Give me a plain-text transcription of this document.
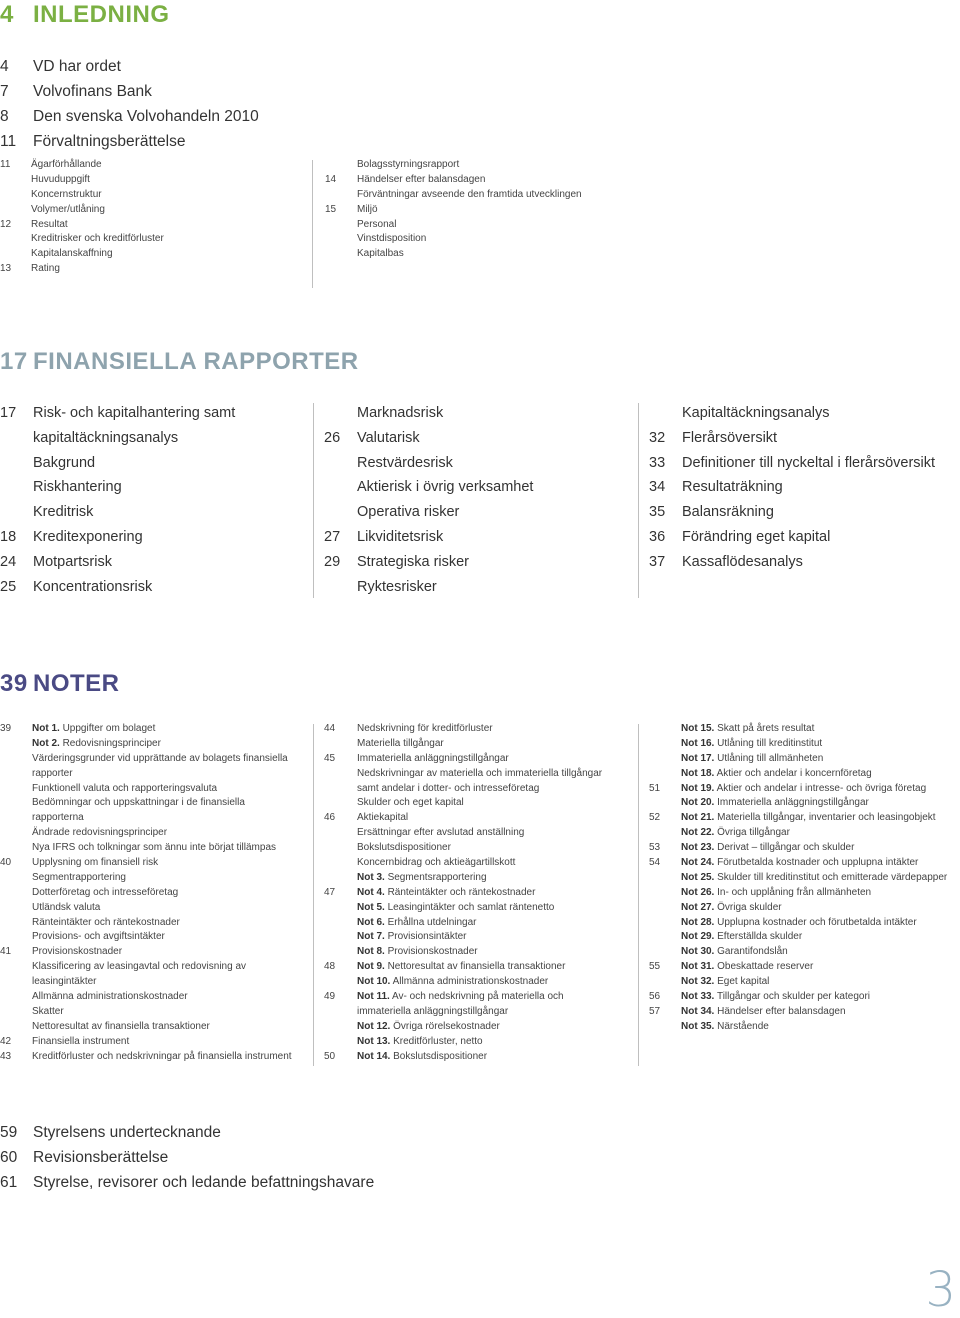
4 INLEDNING
4 VD har ordet
7 Volvofinans Bank
8 Den svenska Volvohandeln 2010
11 Förvaltningsberättelse
11 Ägarförhållande
Huvuduppgift
Koncernstruktur
Volymer/utlåning
12 Resultat
Kreditrisker och kreditförluster
Kapitalanskaffning
13 Rating
Bolagsstyrningsrapport
14 Händelser efter balansdagen
Förväntningar avseende den framtida utvecklingen
15 Miljö
Personal
Vinstdisposition
Kapitalbas
17 FINANSIELLA RAPPORTER
17 Risk- och kapitalhantering samt
kapitaltäckningsanalys
Bakgrund
Riskhantering
Kreditrisk
18 Kreditexponering
24 Motpartsrisk
25 Koncentrationsrisk
Marknadsrisk
26 Valutarisk
Restvärdesrisk
Aktierisk i övrig verksamhet
Operativa risker
27 Likviditetsrisk
29 Strategiska risker
Ryktesrisker
Kapitaltäckningsanalys
32 Flerårsöversikt
33 Definitioner till nyckeltal i flerårsöversikt
34 Resultaträkning
35 Balansräkning
36 Förändring eget kapital
37 Kassaflödesanalys
39 NOTER
39 Not 1. Uppgifter om bolaget
Not 2. Redovisningsprinciper
Värderingsgrunder vid upprättande av bolagets finansiella
rapporter
Funktionell valuta och rapporteringsvaluta
Bedömningar och uppskattningar i de finansiella
rapporterna
Ändrade redovisningsprinciper
Nya IFRS och tolkningar som ännu inte börjat tillämpas
40 Upplysning om finansiell risk
Segmentrapportering
Dotterföretag och intresseföretag
Utländsk valuta
Ränteintäkter och räntekostnader
Provisions- och avgiftsintäkter
41 Provisionskostnader
Klassificering av leasingavtal och redovisning av
leasingintäkter
Allmänna administrationskostnader
Skatter
Nettoresultat av finansiella transaktioner
42 Finansiella instrument
43 Kreditförluster och nedskrivningar på finansiella instrument
44 Nedskrivning för kreditförluster
Materiella tillgångar
45 Immateriella anläggningstillgångar
Nedskrivningar av materiella och immateriella tillgångar
samt andelar i dotter- och intresseföretag
Skulder och eget kapital
46 Aktiekapital
Ersättningar efter avslutad anställning
Bokslutsdispositioner
Koncernbidrag och aktieägartillskott
Not 3. Segmentsrapportering
47 Not 4. Ränteintäkter och räntekostnader
Not 5. Leasingintäkter och samlat räntenetto
Not 6. Erhållna utdelningar
Not 7. Provisionsintäkter
Not 8. Provisionskostnader
48 Not 9. Nettoresultat av finansiella transaktioner
Not 10. Allmänna administrationskostnader
49 Not 11. Av- och nedskrivning på materiella och
immateriella anläggningstillgångar
Not 12. Övriga rörelsekostnader
Not 13. Kreditförluster, netto
50 Not 14. Bokslutsdispositioner
Not 15. Skatt på årets resultat
Not 16. Utlåning till kreditinstitut
Not 17. Utlåning till allmänheten
Not 18. Aktier och andelar i koncernföretag
51 Not 19. Aktier och andelar i intresse- och övriga företag
Not 20. Immateriella anläggningstillgångar
52 Not 21. Materiella tillgångar, inventarier och leasingobjekt
Not 22. Övriga tillgångar
53 Not 23. Derivat – tillgångar och skulder
54 Not 24. Förutbetalda kostnader och upplupna intäkter
Not 25. Skulder till kreditinstitut och emitterade värdepapper
Not 26. In- och upplåning från allmänheten
Not 27. Övriga skulder
Not 28. Upplupna kostnader och förutbetalda intäkter
Not 29. Efterställda skulder
Not 30. Garantifondslån
55 Not 31. Obeskattade reserver
Not 32. Eget kapital
56 Not 33. Tillgångar och skulder per kategori
57 Not 34. Händelser efter balansdagen
Not 35. Närstående
59 Styrelsens undertecknande
60 Revisionsberättelse
61 Styrelse, revisorer och ledande befattningshavare
3
